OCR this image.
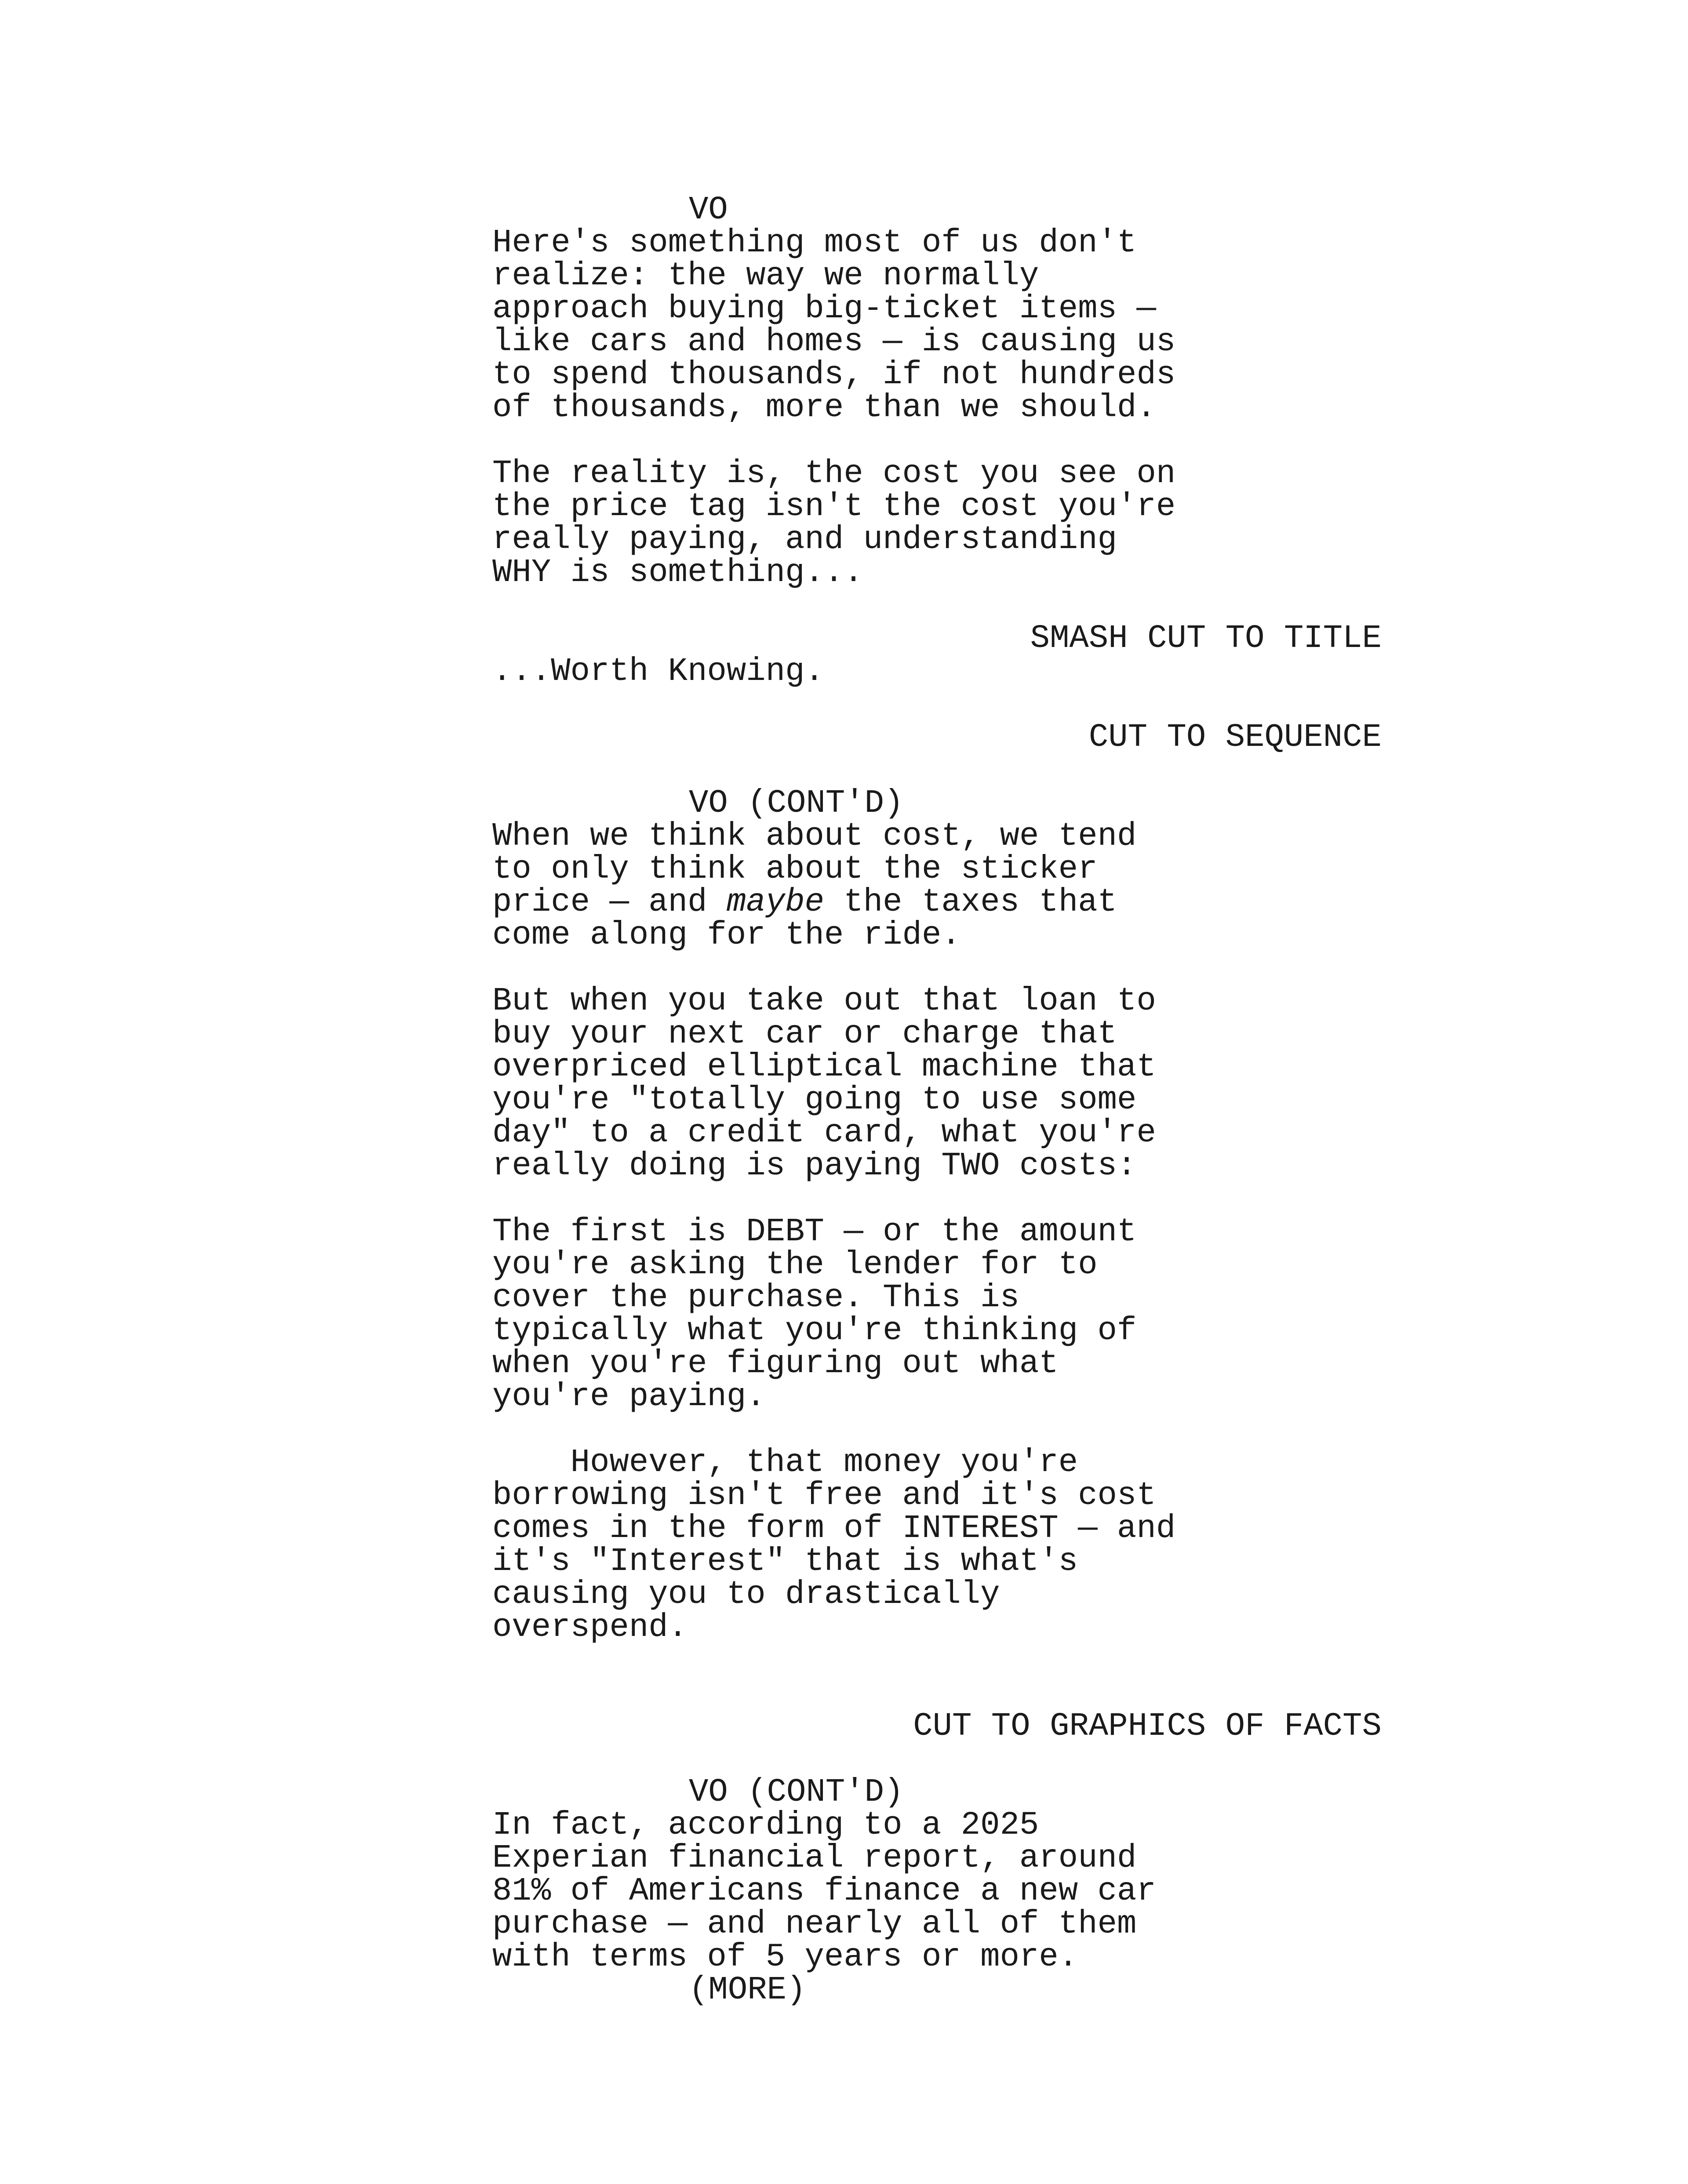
VO

Here's something most of us don't

realize: the way we normally

approach buying big-ticket items —

like cars and homes — is causing us

to spend thousands, if not hundreds

of thousands, more than we should.

The reality is, the cost you see on

the price tag isn't the cost you're

really paying, and understanding

WHY is something...

SMASH CUT TO TITLE

...Worth Knowing.

CUT TO SEQUENCE

VO (CONT'D)

When we think about cost, we tend

to only think about the sticker

price — and maybe the taxes that

come along for the ride.

But when you take out that loan to

buy your next car or charge that

overpriced elliptical machine that

you're "totally going to use some

day" to a credit card, what you're

really doing is paying TWO costs:

The first is DEBT — or the amount

you're asking the lender for to

cover the purchase. This is

typically what you're thinking of

when you're figuring out what

you're paying.

However, that money you're

borrowing isn't free and it's cost

comes in the form of INTEREST — and

it's "Interest" that is what's

causing you to drastically

overspend.

CUT TO GRAPHICS OF FACTS

VO (CONT'D)

In fact, according to a 2025

Experian financial report, around

81% of Americans finance a new car

purchase — and nearly all of them

with terms of 5 years or more.

(MORE)
